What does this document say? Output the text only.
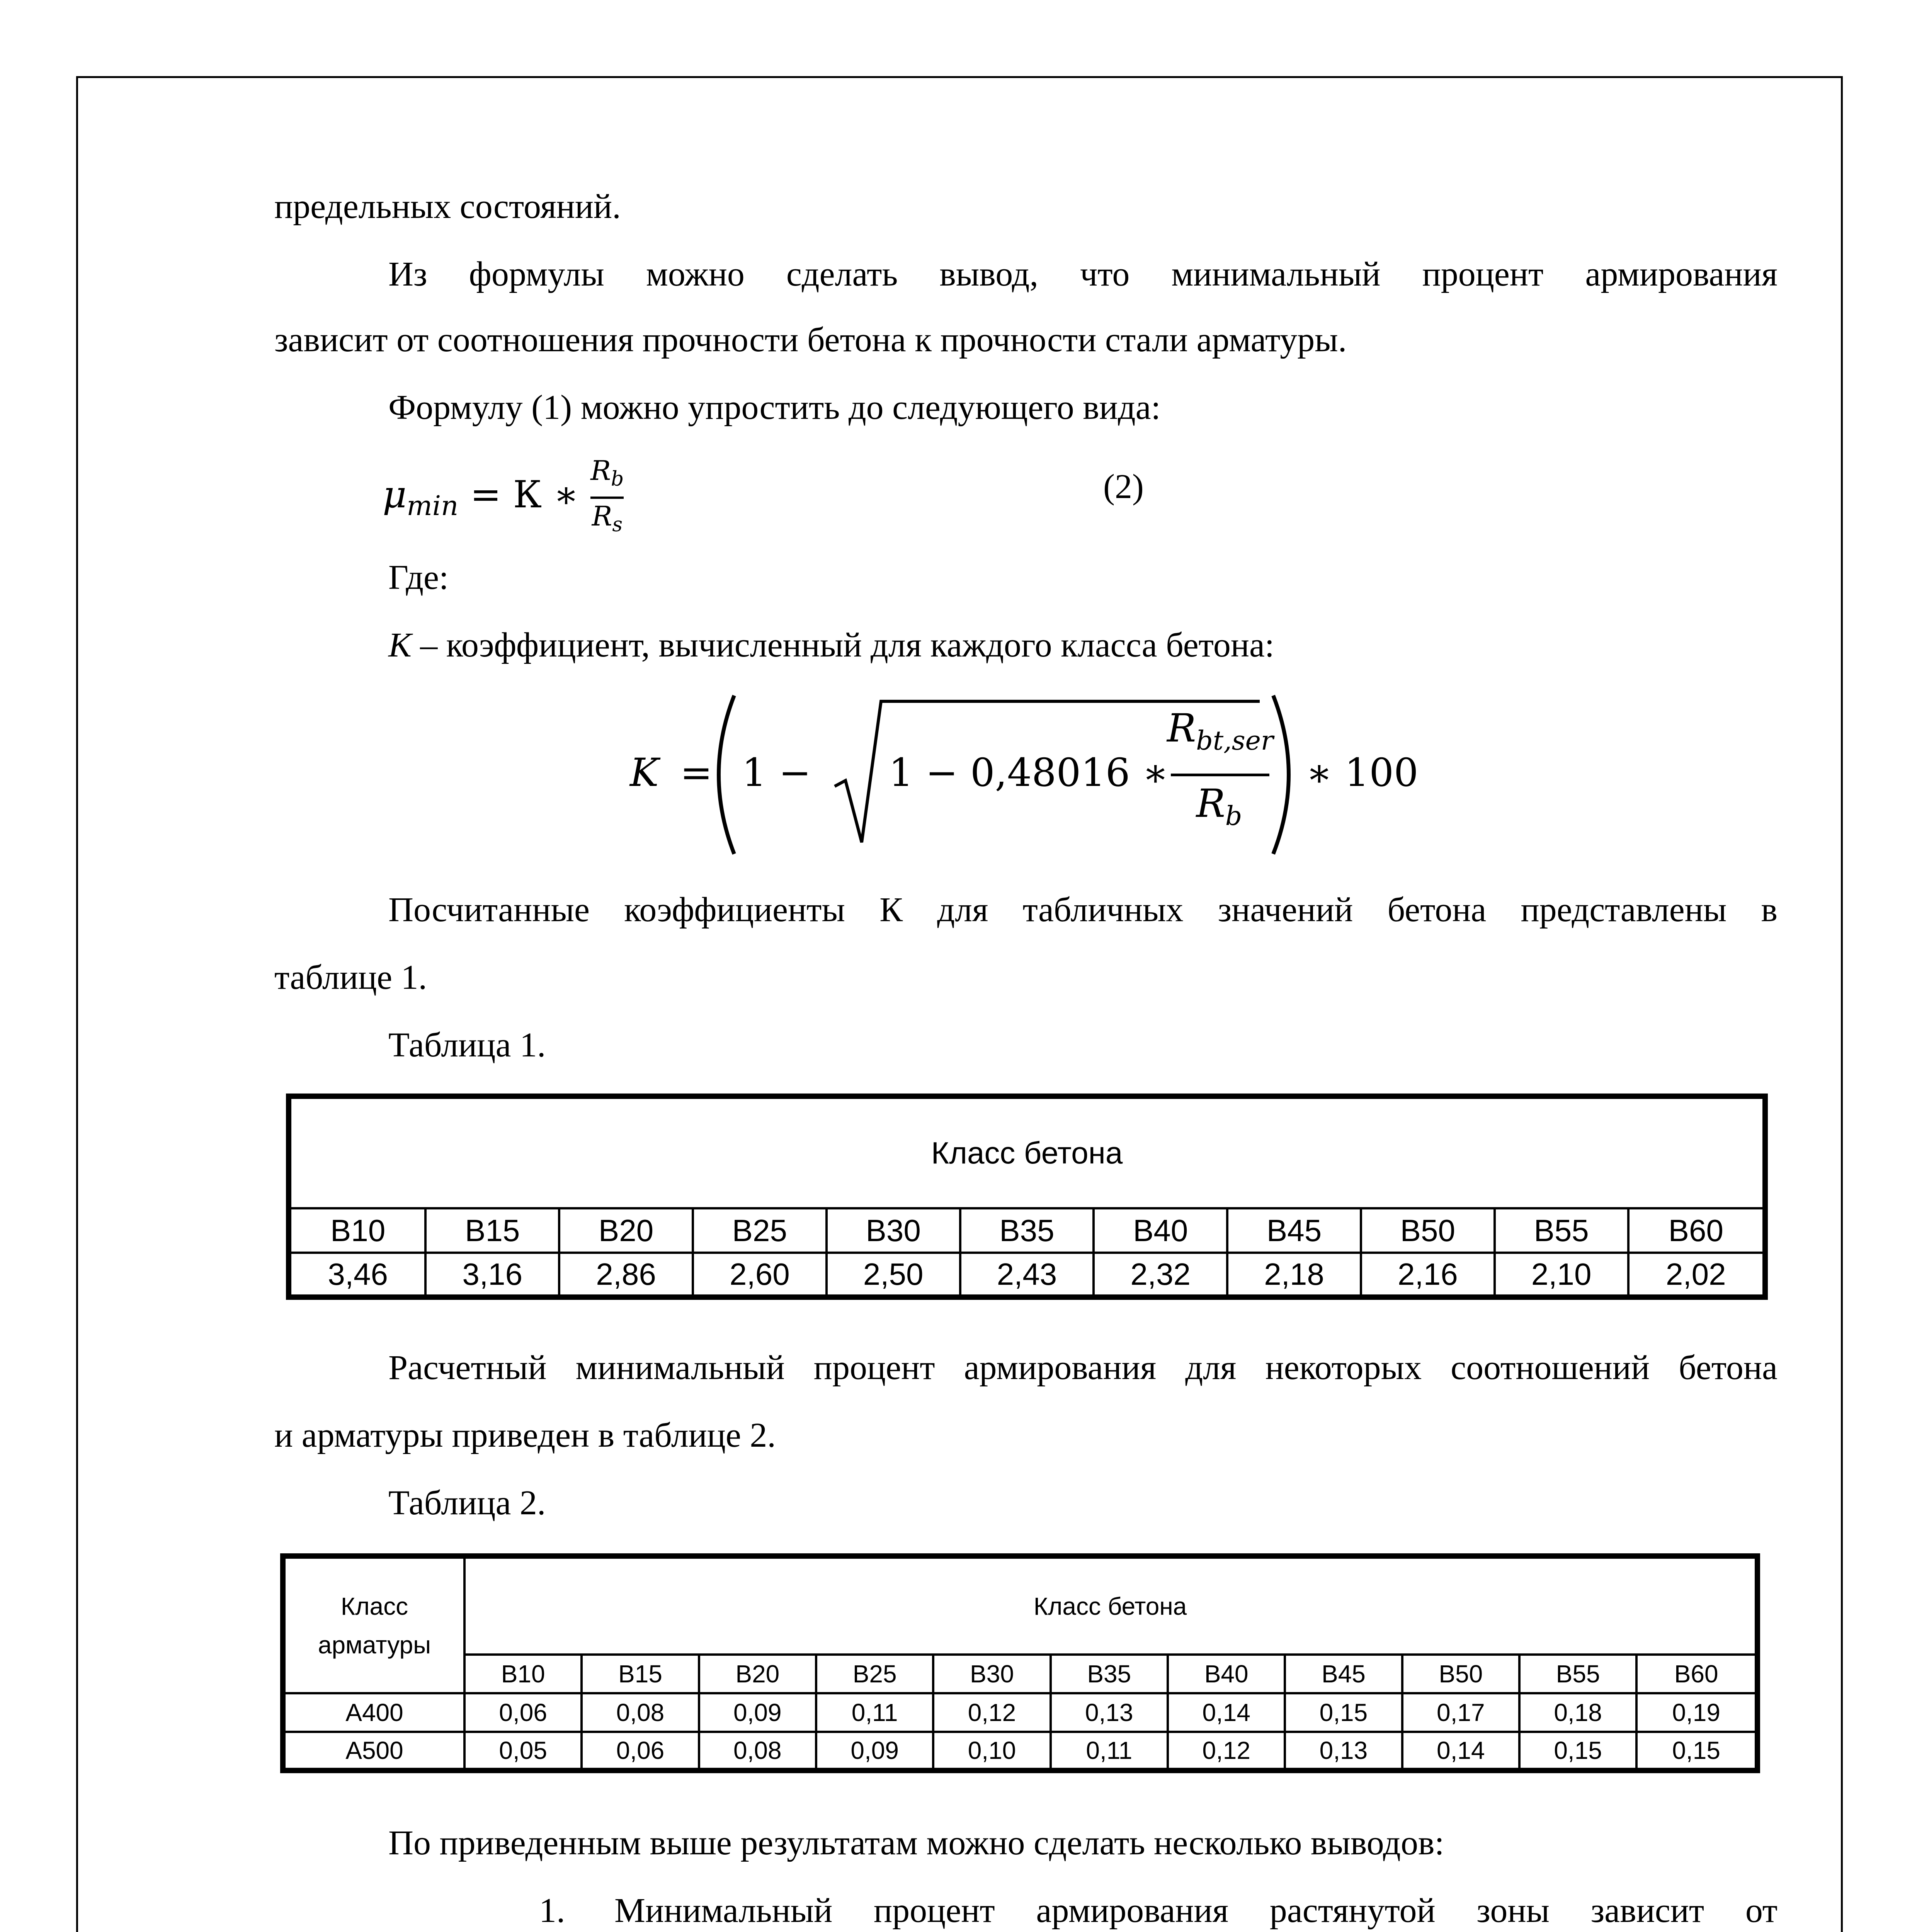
предельных состояний.
Из формулы можно сделать вывод, что минимальный процент армирования
зависит от соотношения прочности бетона к прочности стали арматуры.
Формулу (1) можно упростить до следующего вида:
$\mu_{min} = К$ ∗ $\frac{R_b}{R_s}$	(2)
Где:
К – коэффициент, вычисленный для каждого класса бетона:
K = 1 − 1 − 0,48016 ∗
$R_{bt,ser}$
$R_b$
∗ 100
Посчитанные коэффициенты К для табличных значений бетона представлены в
таблице 1.
Таблица 1.
Класс бетона										
B10	B15	B20	B25	B30	B35	B40	B45	B50	B55	B60
3,46	3,16	2,86	2,60	2,50	2,43	2,32	2,18	2,16	2,10	2,02
Расчетный минимальный процент армирования для некоторых соотношений бетона
и арматуры приведен в таблице 2.
Таблица 2.
Класс арматуры	Класс бетона										
	B10	B15	B20	B25	B30	B35	B40	B45	B50	B55	B60
A400	0,06	0,08	0,09	0,11	0,12	0,13	0,14	0,15	0,17	0,18	0,19
A500	0,05	0,06	0,08	0,09	0,10	0,11	0,12	0,13	0,14	0,15	0,15
По приведенным выше результатам можно сделать несколько выводов:
1. Минимальный процент армирования растянутой зоны зависит от
